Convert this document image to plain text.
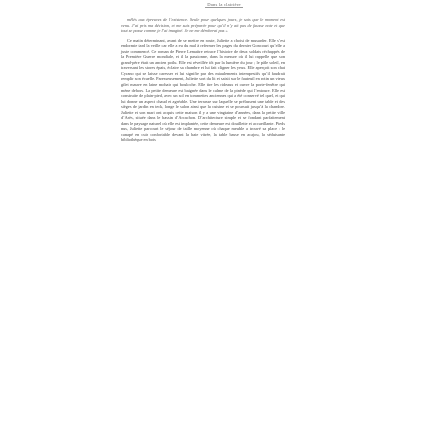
Dans la clairière

mêlés aux épreuves de l’existence. Seule pour quelques jours, je sais que le moment est venu. J’ai pris ma décision, et me suis préparée pour qu’il n’y ait pas de fausse note et que tout se passe comme je l’ai imaginé. Je ne me déroberai pas »

Ce matin déterminant, avant de se mettre en route, Juliette a choisi de musarder. Elle s’est endormie tard la veille car elle a eu du mal à refermer les pages du dernier Goncourt qu’elle a juste commencé. Ce roman de Pierre Lemaitre retrace l’histoire de deux soldats réchappés de la Première Guerre mondiale, et il la passionne, dans la mesure où il lui rappelle que son grand-père était un ancien poilu. Elle est réveillée tôt par la lumière du jour ; le pâle soleil, en traversant les stores épais, éclaire sa chambre et lui fait cligner les yeux. Elle aperçoit son chat Cyrano qui se laisse caresser et lui signifie par des miaulements intempestifs qu’il faudrait remplir son écuelle. Paresseusement, Juliette sort du lit et saisit sur le fauteuil en rotin un vieux gilet mauve en laine mohair qui bouloche. Elle tire les rideaux et ouvre la porte-fenêtre qui mène dehors. La petite demeure est baignée dans le calme de la pinède qui l’entoure. Elle est construite de plain-pied, avec un sol en tommettes anciennes qui a été conservé tel quel, et qui lui donne un aspect chaud et agréable. Une terrasse sur laquelle se prélassent une table et des sièges de jardin en teck, longe le salon ainsi que la cuisine et se poursuit jusqu’à la chambre. Juliette et son mari ont acquis cette maison il y a une vingtaine d’années, dans la petite ville d’Arès, située dans le bassin d’Arcachon. D’architecture simple et se fondant parfaitement dans le paysage naturel où elle est implantée, cette demeure est douillette et accueillante. Pieds nus, Juliette parcourt le séjour de taille moyenne où chaque meuble a trouvé sa place : le canapé en cuir confortable devant la baie vitrée, la table basse en acajou, la séduisante bibliothèque en bois
